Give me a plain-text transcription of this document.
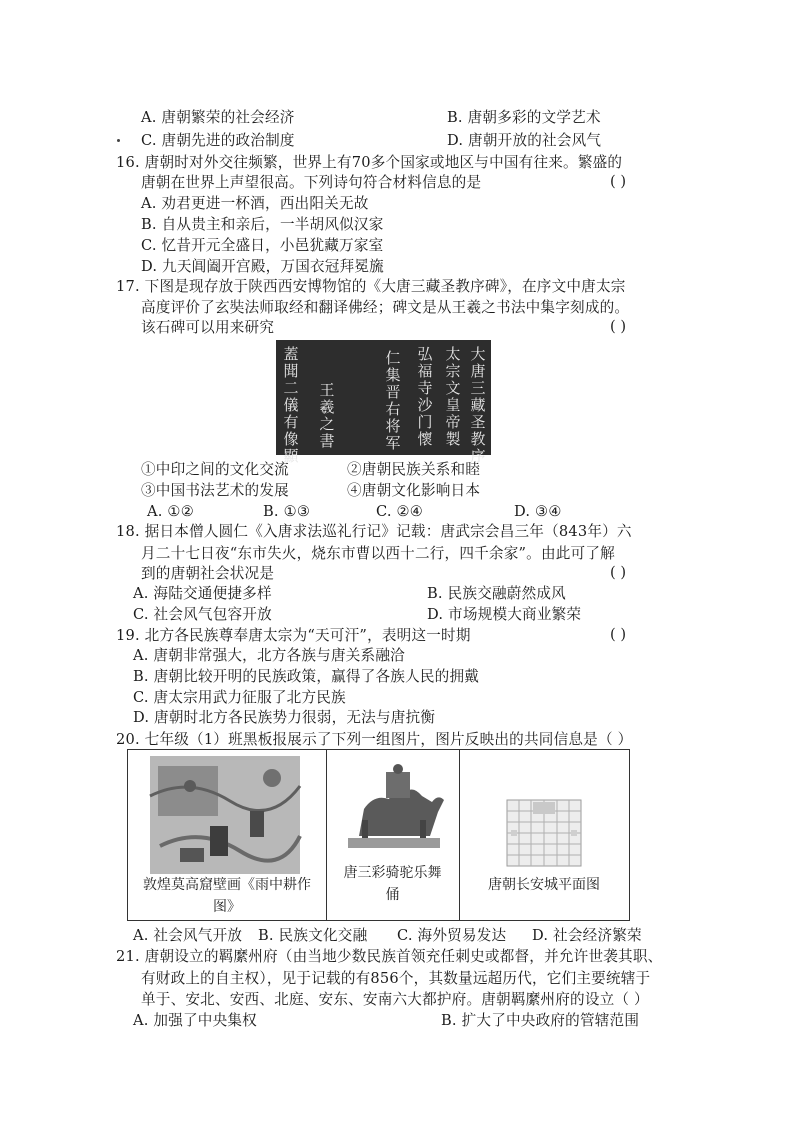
A. 唐朝繁荣的社会经济	B. 唐朝多彩的文学艺术
C. 唐朝先进的政治制度	D. 唐朝开放的社会风气
16. 唐朝时对外交往频繁，世界上有70多个国家或地区与中国有往来。繁盛的
唐朝在世界上声望很高。下列诗句符合材料信息的是	( )
A. 劝君更进一杯酒，西出阳关无故
B. 自从贵主和亲后，一半胡风似汉家
C. 忆昔开元全盛日，小邑犹藏万家室
D. 九天阊阖开宫殿，万国衣冠拜冕旒
17. 下图是现存放于陕西西安博物馆的《大唐三藏圣教序碑》，在序文中唐太宗
高度评价了玄奘法师取经和翻译佛经；碑文是从王羲之书法中集字刻成的。
该石碑可以用来研究	( )
大唐三藏圣教序
太宗文皇帝製
弘福寺沙门懷
仁集晋右将军
王羲之書
蓋聞二儀有像顯
①中印之间的文化交流	②唐朝民族关系和睦
③中国书法艺术的发展	④唐朝文化影响日本
A. ①②	B. ①③	C. ②④	D. ③④
18. 据日本僧人圆仁《入唐求法巡礼行记》记载：唐武宗会昌三年（843年）六
月二十七日夜“东市失火，烧东市曹以西十二行，四千余家”。由此可了解
到的唐朝社会状况是	( )
A. 海陆交通便捷多样	B. 民族交融蔚然成风
C. 社会风气包容开放	D. 市场规模大商业繁荣
19. 北方各民族尊奉唐太宗为“天可汗”，表明这一时期	( )
A. 唐朝非常强大，北方各族与唐关系融洽
B. 唐朝比较开明的民族政策，赢得了各族人民的拥戴
C. 唐太宗用武力征服了北方民族
D. 唐朝时北方各民族势力很弱，无法与唐抗衡
20. 七年级（1）班黑板报展示了下列一组图片，图片反映出的共同信息是（ ）
敦煌莫高窟壁画《雨中耕作
图》
唐三彩骑驼乐舞
俑
唐朝长安城平面图
A. 社会风气开放 B. 民族文化交融 C. 海外贸易发达 D. 社会经济繁荣
21. 唐朝设立的羁縻州府（由当地少数民族首领充任刺史或都督，并允许世袭其职、
有财政上的自主权），见于记载的有856个，其数量远超历代，它们主要统辖于
单于、安北、安西、北庭、安东、安南六大都护府。唐朝羁縻州府的设立（ ）
A. 加强了中央集权	B. 扩大了中央政府的管辖范围
